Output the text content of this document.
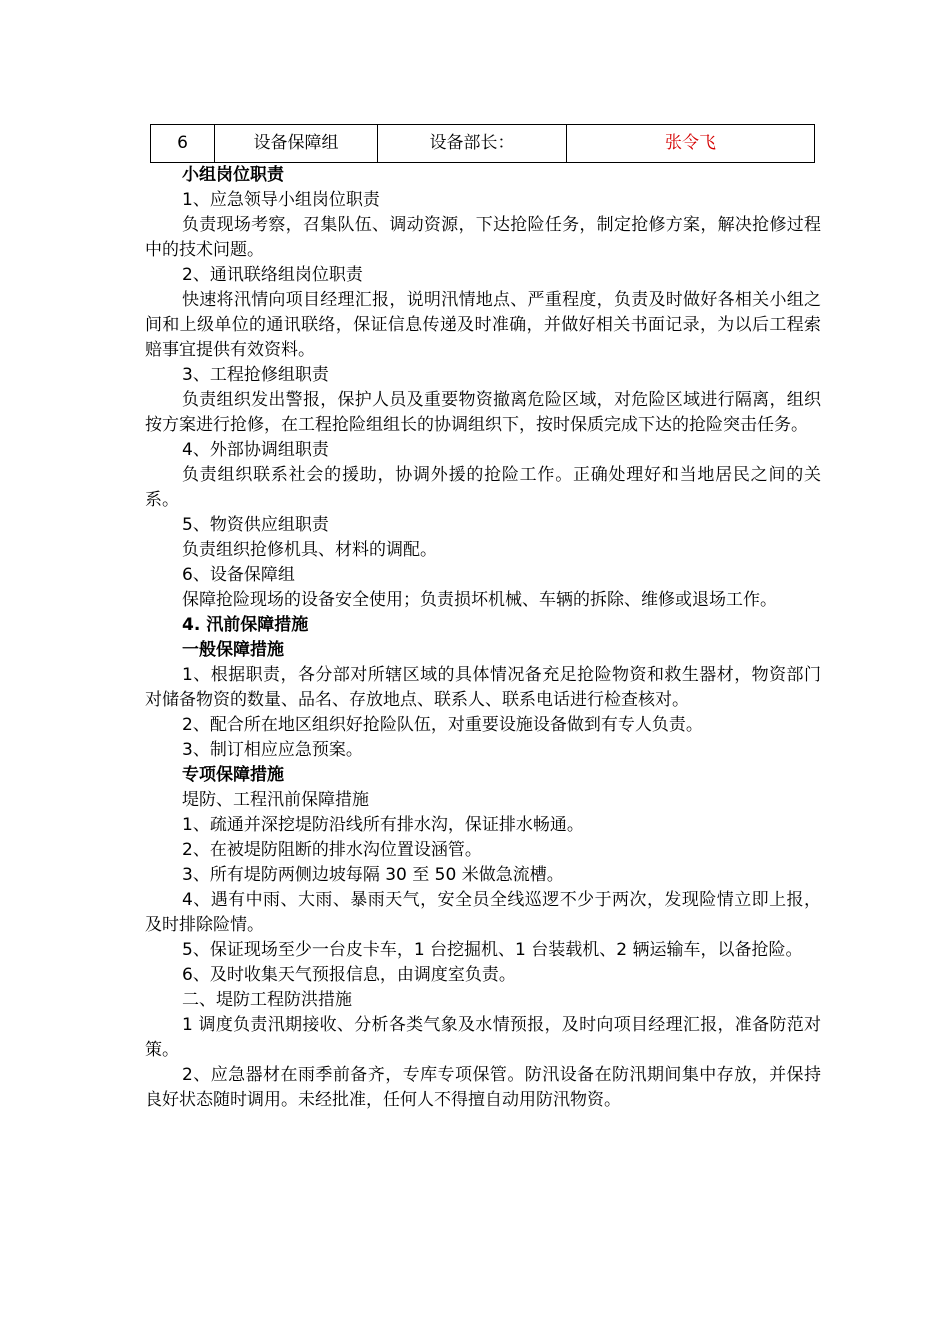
6	设备保障组	设备部长：	张令飞

小组岗位职责

1、应急领导小组岗位职责

负责现场考察，召集队伍、调动资源，下达抢险任务，制定抢修方案，解决抢修过程中的技术问题。

2、通讯联络组岗位职责

快速将汛情向项目经理汇报，说明汛情地点、严重程度，负责及时做好各相关小组之间和上级单位的通讯联络，保证信息传递及时准确，并做好相关书面记录，为以后工程索赔事宜提供有效资料。

3、工程抢修组职责

负责组织发出警报，保护人员及重要物资撤离危险区域，对危险区域进行隔离，组织按方案进行抢修，在工程抢险组组长的协调组织下，按时保质完成下达的抢险突击任务。

4、外部协调组职责

负责组织联系社会的援助，协调外援的抢险工作。正确处理好和当地居民之间的关系。

5、物资供应组职责

负责组织抢修机具、材料的调配。

6、设备保障组

保障抢险现场的设备安全使用；负责损坏机械、车辆的拆除、维修或退场工作。

4. 汛前保障措施

一般保障措施

1、根据职责，各分部对所辖区域的具体情况备充足抢险物资和救生器材，物资部门对储备物资的数量、品名、存放地点、联系人、联系电话进行检查核对。

2、配合所在地区组织好抢险队伍，对重要设施设备做到有专人负责。

3、制订相应应急预案。

专项保障措施

堤防、工程汛前保障措施

1、疏通并深挖堤防沿线所有排水沟，保证排水畅通。

2、在被堤防阻断的排水沟位置设涵管。

3、所有堤防两侧边坡每隔 30 至 50 米做急流槽。

4、遇有中雨、大雨、暴雨天气，安全员全线巡逻不少于两次，发现险情立即上报，及时排除险情。

5、保证现场至少一台皮卡车，1 台挖掘机、1 台装载机、2 辆运输车，以备抢险。

6、及时收集天气预报信息，由调度室负责。

二、堤防工程防洪措施

1 调度负责汛期接收、分析各类气象及水情预报，及时向项目经理汇报，准备防范对策。

2、应急器材在雨季前备齐，专库专项保管。防汛设备在防汛期间集中存放，并保持良好状态随时调用。未经批准，任何人不得擅自动用防汛物资。
